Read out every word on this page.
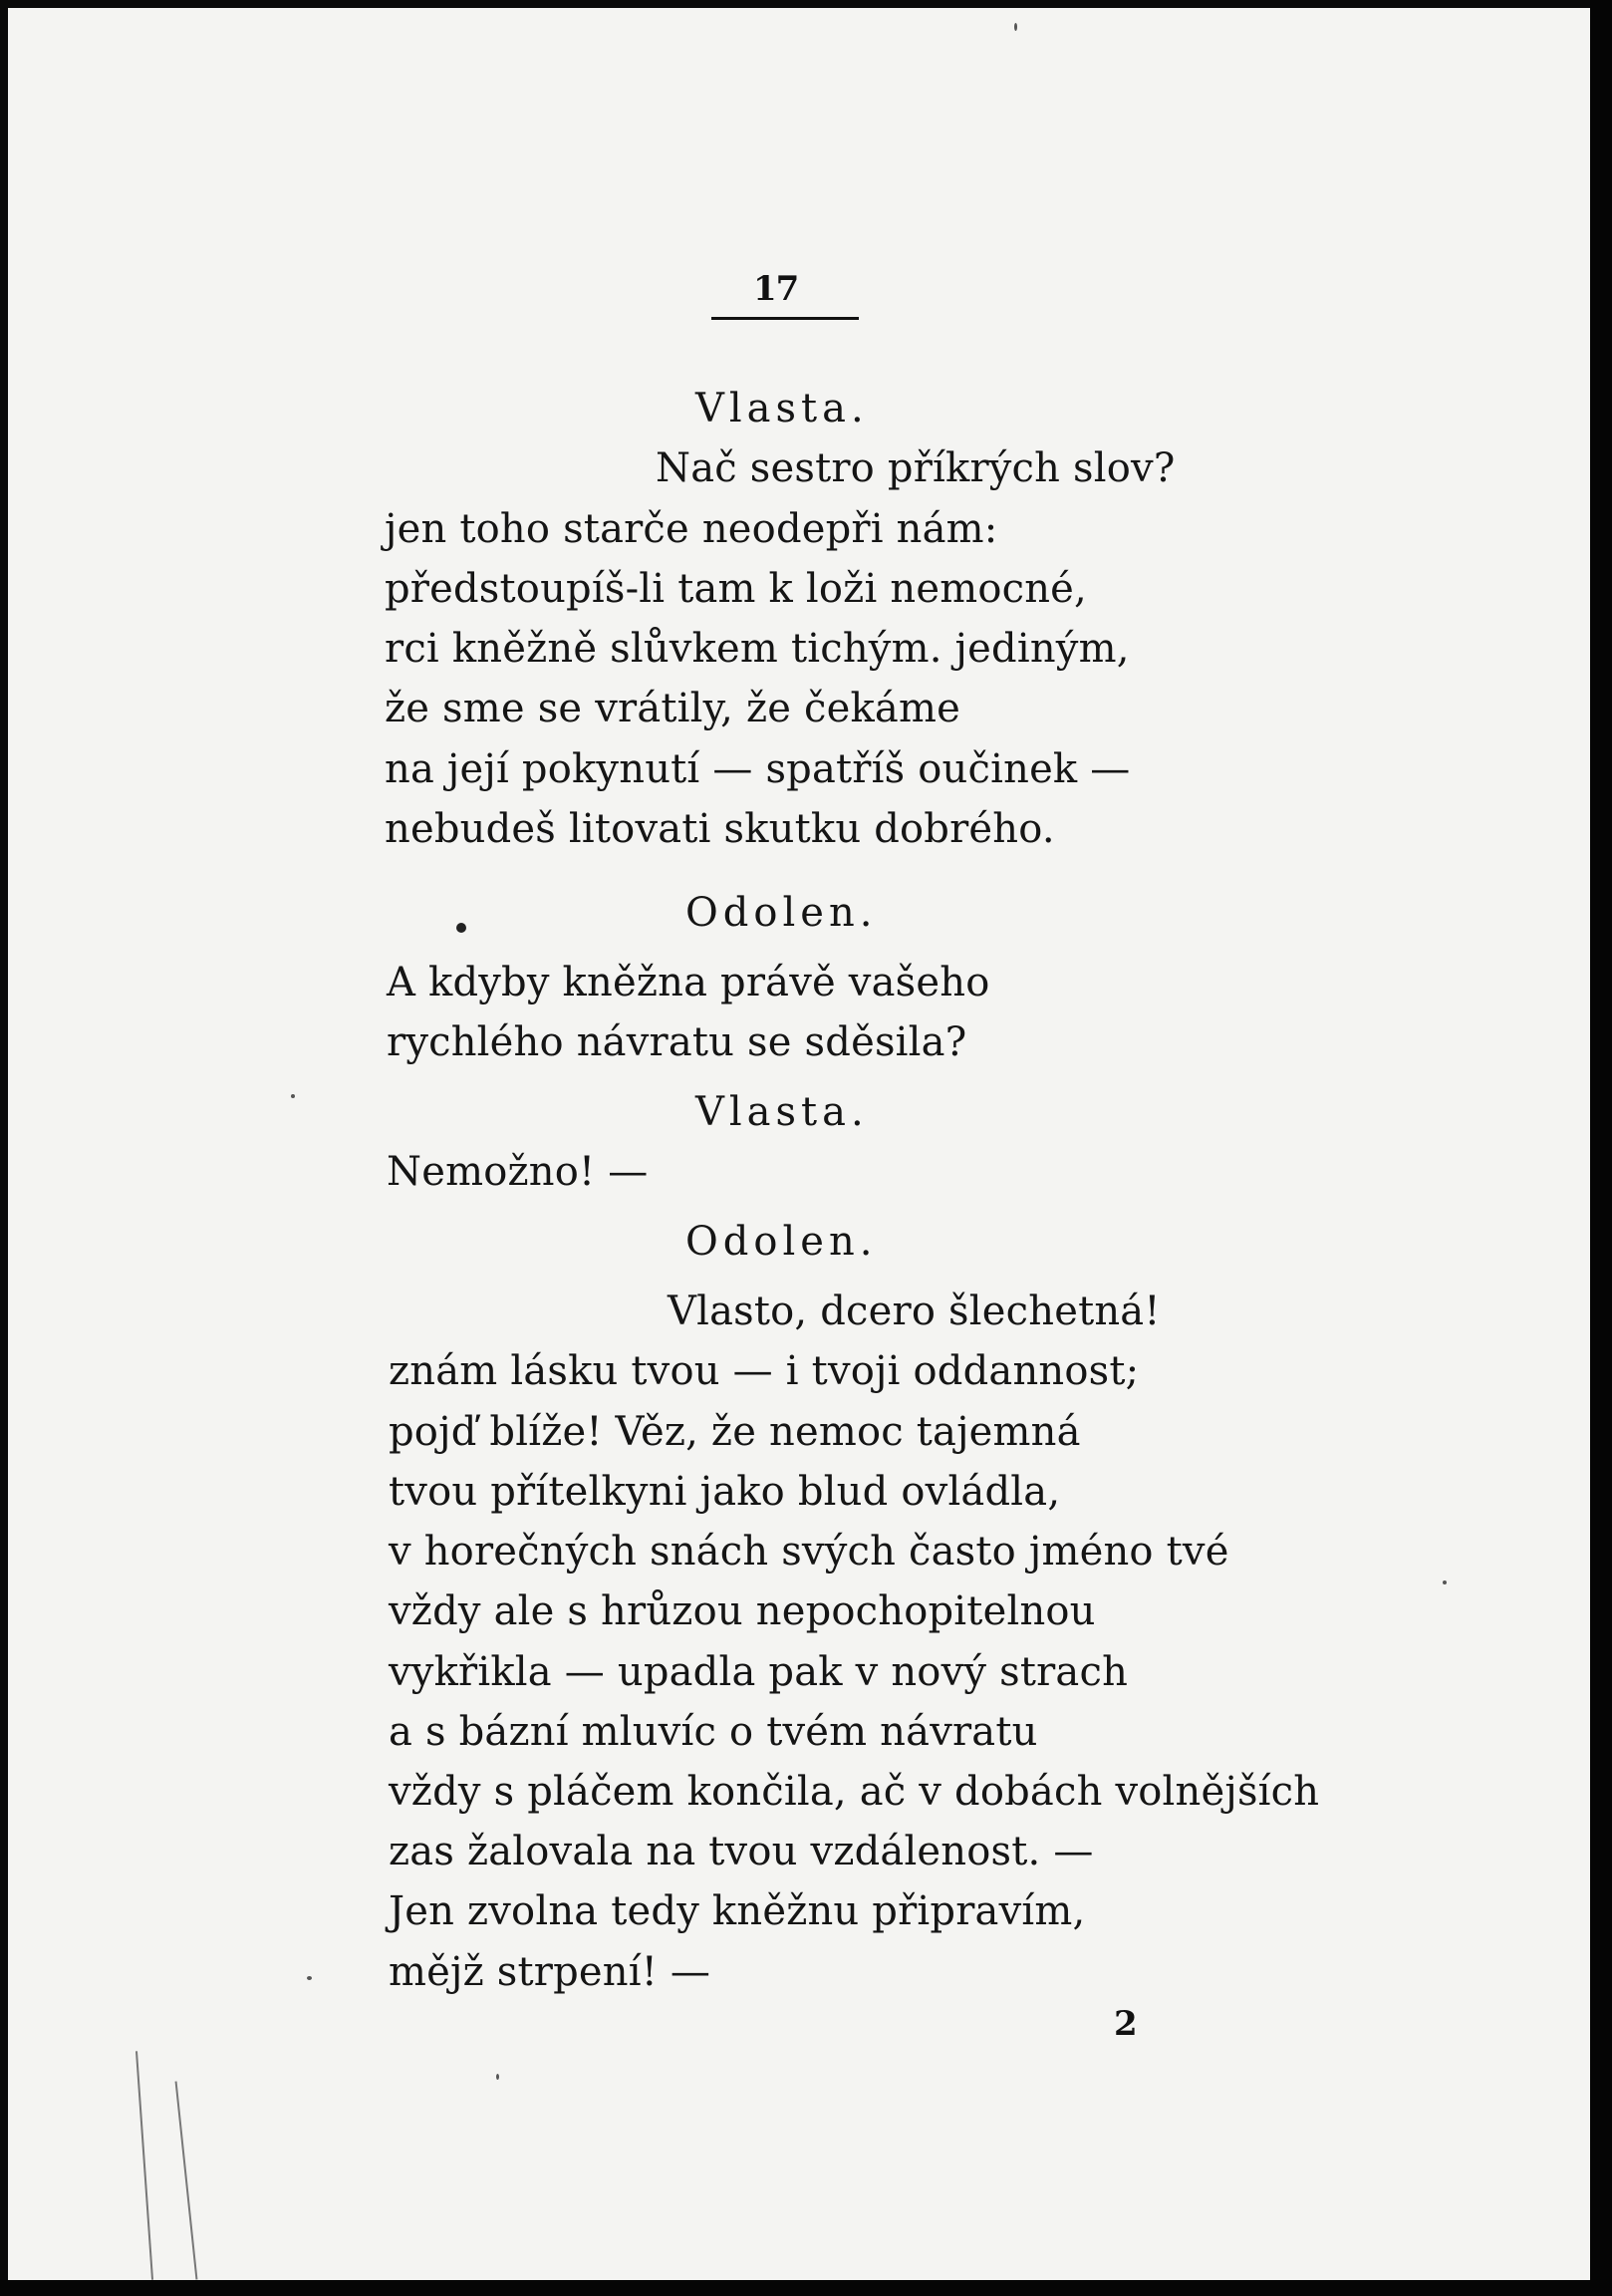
17
Vlasta.
Nač sestro příkrých slov?
jen toho starče neodepři nám:
předstoupíš-li tam k loži nemocné,
rci kněžně slůvkem tichým. jediným,
že sme se vrátily, že čekáme
na její pokynutí — spatříš oučinek —
nebudeš litovati skutku dobrého.
Odolen.
A kdyby kněžna právě vašeho
rychlého návratu se sděsila?
Vlasta.
Nemožno! —
Odolen.
Vlasto, dcero šlechetná!
znám lásku tvou — i tvoji oddannost;
pojď blíže! Věz, že nemoc tajemná
tvou přítelkyni jako blud ovládla,
v horečných snách svých často jméno tvé
vždy ale s hrůzou nepochopitelnou
vykřikla — upadla pak v nový strach
a s bázní mluvíc o tvém návratu
vždy s pláčem končila, ač v dobách volnějších
zas žalovala na tvou vzdálenost. —
Jen zvolna tedy kněžnu připravím,
mějž strpení! —
2
